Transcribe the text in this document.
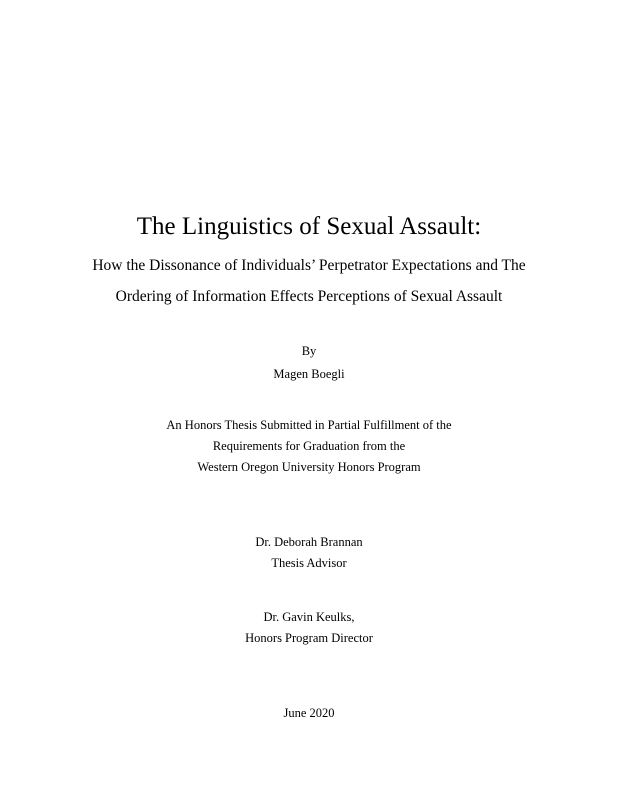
The Linguistics of Sexual Assault:
How the Dissonance of Individuals’ Perpetrator Expectations and The
Ordering of Information Effects Perceptions of Sexual Assault
By
Magen Boegli
An Honors Thesis Submitted in Partial Fulfillment of the
Requirements for Graduation from the
Western Oregon University Honors Program
Dr. Deborah Brannan
Thesis Advisor
Dr. Gavin Keulks,
Honors Program Director
June 2020
